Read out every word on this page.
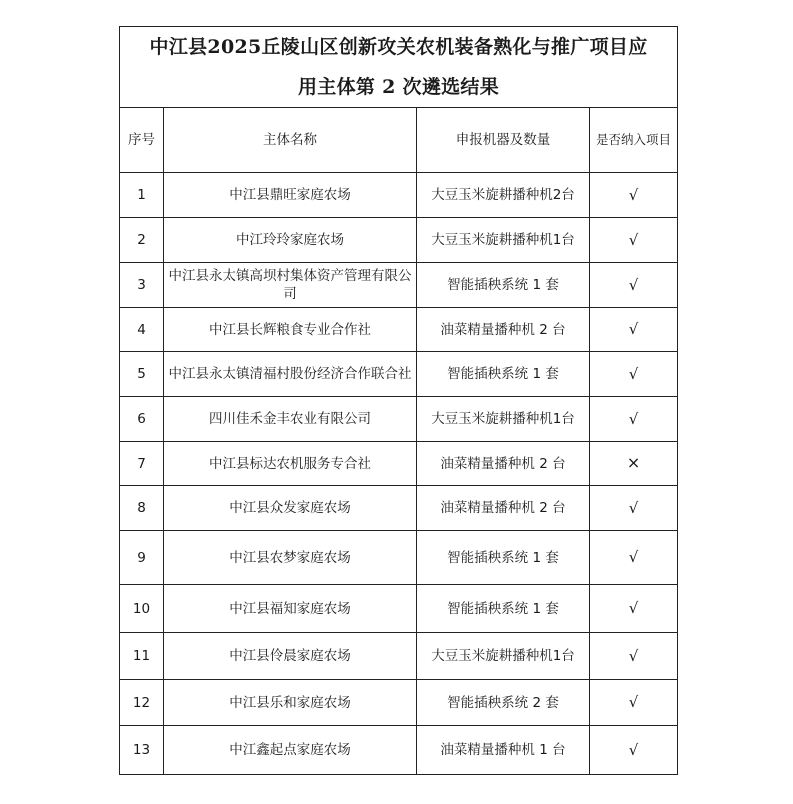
中江县2025丘陵山区创新攻关农机装备熟化与推广项目应
用主体第 2 次遴选结果			

序号	主体名称	申报机器及数量	是否纳入项目
1	中江县鼎旺家庭农场	大豆玉米旋耕播种机2台	√
2	中江玲玲家庭农场	大豆玉米旋耕播种机1台	√
3	中江县永太镇高坝村集体资产管理有限公司	智能插秧系统 1 套	√
4	中江县长辉粮食专业合作社	油菜精量播种机 2 台	√
5	中江县永太镇清福村股份经济合作联合社	智能插秧系统 1 套	√
6	四川佳禾金丰农业有限公司	大豆玉米旋耕播种机1台	√
7	中江县标达农机服务专合社	油菜精量播种机 2 台	×
8	中江县众发家庭农场	油菜精量播种机 2 台	√
9	中江县农梦家庭农场	智能插秧系统 1 套	√
10	中江县福知家庭农场	智能插秧系统 1 套	√
11	中江县伶晨家庭农场	大豆玉米旋耕播种机1台	√
12	中江县乐和家庭农场	智能插秧系统 2 套	√
13	中江鑫起点家庭农场	油菜精量播种机 1 台	√
